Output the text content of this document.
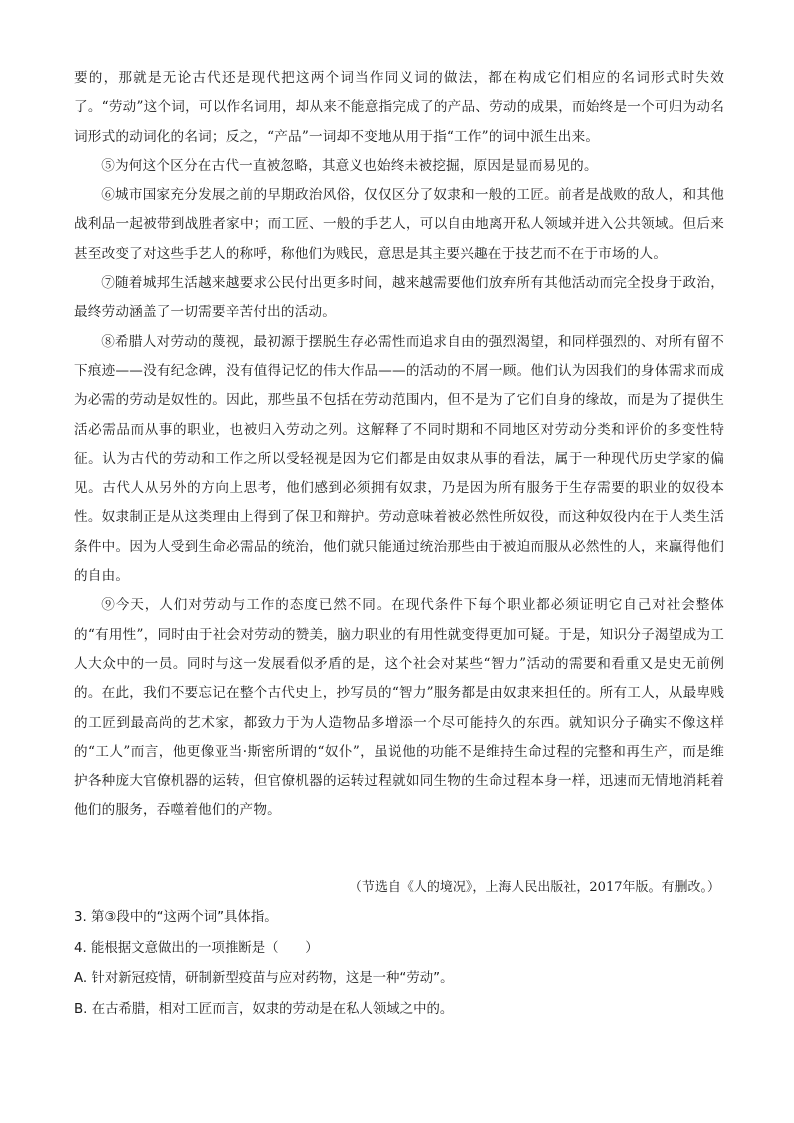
要的，那就是无论古代还是现代把这两个词当作同义词的做法，都在构成它们相应的名词形式时失效了。“劳动”这个词，可以作名词用，却从来不能意指完成了的产品、劳动的成果，而始终是一个可归为动名词形式的动词化的名词；反之，“产品”一词却不变地从用于指“工作”的词中派生出来。

⑤为何这个区分在古代一直被忽略，其意义也始终未被挖掘，原因是显而易见的。

⑥城市国家充分发展之前的早期政治风俗，仅仅区分了奴隶和一般的工匠。前者是战败的敌人，和其他战利品一起被带到战胜者家中；而工匠、一般的手艺人，可以自由地离开私人领域并进入公共领域。但后来甚至改变了对这些手艺人的称呼，称他们为贱民，意思是其主要兴趣在于技艺而不在于市场的人。

⑦随着城邦生活越来越要求公民付出更多时间，越来越需要他们放弃所有其他活动而完全投身于政治，最终劳动涵盖了一切需要辛苦付出的活动。

⑧希腊人对劳动的蔑视，最初源于摆脱生存必需性而追求自由的强烈渴望，和同样强烈的、对所有留不下痕迹——没有纪念碑，没有值得记忆的伟大作品——的活动的不屑一顾。他们认为因我们的身体需求而成为必需的劳动是奴性的。因此，那些虽不包括在劳动范围内，但不是为了它们自身的缘故，而是为了提供生活必需品而从事的职业，也被归入劳动之列。这解释了不同时期和不同地区对劳动分类和评价的多变性特征。认为古代的劳动和工作之所以受轻视是因为它们都是由奴隶从事的看法，属于一种现代历史学家的偏见。古代人从另外的方向上思考，他们感到必须拥有奴隶，乃是因为所有服务于生存需要的职业的奴役本性。奴隶制正是从这类理由上得到了保卫和辩护。劳动意味着被必然性所奴役，而这种奴役内在于人类生活条件中。因为人受到生命必需品的统治，他们就只能通过统治那些由于被迫而服从必然性的人，来赢得他们的自由。

⑨今天，人们对劳动与工作的态度已然不同。在现代条件下每个职业都必须证明它自己对社会整体的“有用性”，同时由于社会对劳动的赞美，脑力职业的有用性就变得更加可疑。于是，知识分子渴望成为工人大众中的一员。同时与这一发展看似矛盾的是，这个社会对某些“智力”活动的需要和看重又是史无前例的。在此，我们不要忘记在整个古代史上，抄写员的“智力”服务都是由奴隶来担任的。所有工人，从最卑贱的工匠到最高尚的艺术家，都致力于为人造物品多增添一个尽可能持久的东西。就知识分子确实不像这样的“工人”而言，他更像亚当·斯密所谓的“奴仆”，虽说他的功能不是维持生命过程的完整和再生产，而是维护各种庞大官僚机器的运转，但官僚机器的运转过程就如同生物的生命过程本身一样，迅速而无情地消耗着他们的服务，吞噬着他们的产物。

（节选自《人的境况》，上海人民出版社，2017年版。有删改。）

3. 第③段中的“这两个词”具体指。

4. 能根据文意做出的一项推断是（　　）

A. 针对新冠疫情，研制新型疫苗与应对药物，这是一种“劳动”。

B. 在古希腊，相对工匠而言，奴隶的劳动是在私人领域之中的。
